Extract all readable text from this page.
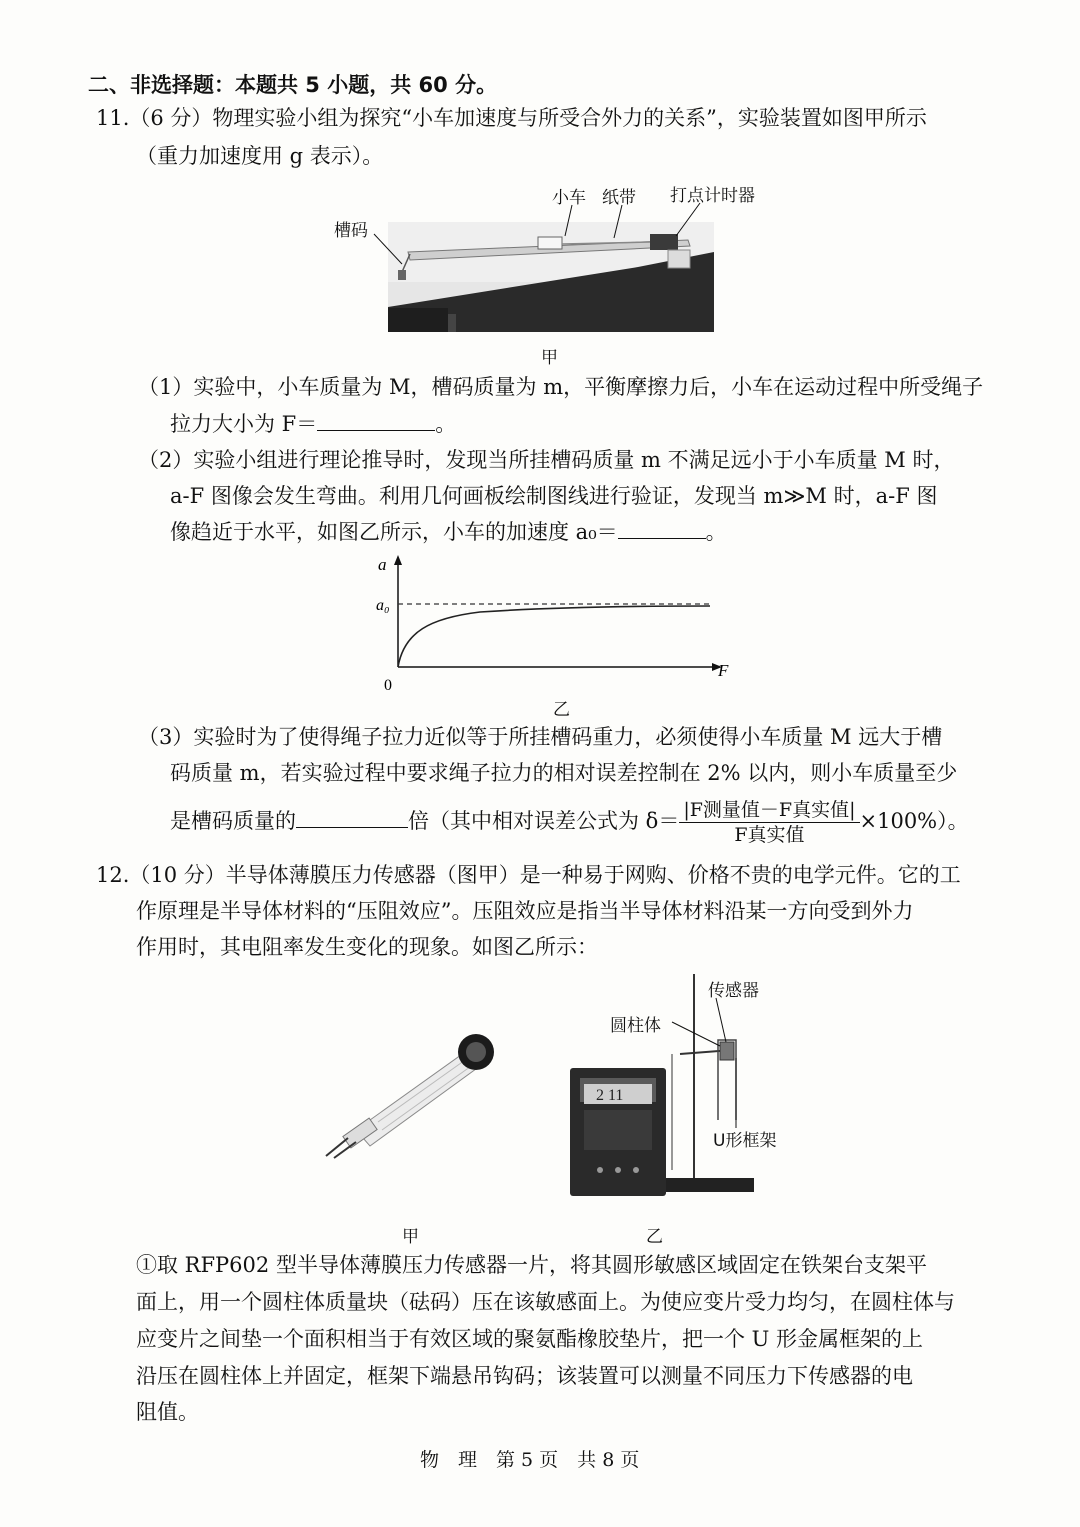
二、非选择题：本题共 5 小题，共 60 分。
11.（6 分）物理实验小组为探究“小车加速度与所受合外力的关系”，实验装置如图甲所示
（重力加速度用 g 表示）。
小车 纸带 打点计时器
槽码
甲
（1）实验中，小车质量为 M，槽码质量为 m，平衡摩擦力后，小车在运动过程中所受绳子
拉力大小为 F＝	。
（2）实验小组进行理论推导时，发现当所挂槽码质量 m 不满足远小于小车质量 M 时，
a-F 图像会发生弯曲。利用几何画板绘制图线进行验证，发现当 m≫M 时，a-F 图
像趋近于水平，如图乙所示，小车的加速度 a₀＝	。
a
a₀
F
0
乙
（3）实验时为了使得绳子拉力近似等于所挂槽码重力，必须使得小车质量 M 远大于槽
码质量 m，若实验过程中要求绳子拉力的相对误差控制在 2% 以内，则小车质量至少
是槽码质量的	倍（其中相对误差公式为 $\delta= \frac{\text{|F测量值－F真实值|}}{\text{F真实值}} \times 100\%$）。
12.（10 分）半导体薄膜压力传感器（图甲）是一种易于网购、价格不贵的电学元件。它的工
作原理是半导体材料的“压阻效应”。压阻效应是指当半导体材料沿某一方向受到外力
作用时，其电阻率发生变化的现象。如图乙所示：
甲
2 11
传感器
圆柱体
U形框架
乙
①取 RFP602 型半导体薄膜压力传感器一片，将其圆形敏感区域固定在铁架台支架平
面上，用一个圆柱体质量块（砝码）压在该敏感面上。为使应变片受力均匀，在圆柱体与
应变片之间垫一个面积相当于有效区域的聚氨酯橡胶垫片，把一个 U 形金属框架的上
沿压在圆柱体上并固定，框架下端悬吊钩码；该装置可以测量不同压力下传感器的电
阻值。
物　理　第 5 页　共 8 页
